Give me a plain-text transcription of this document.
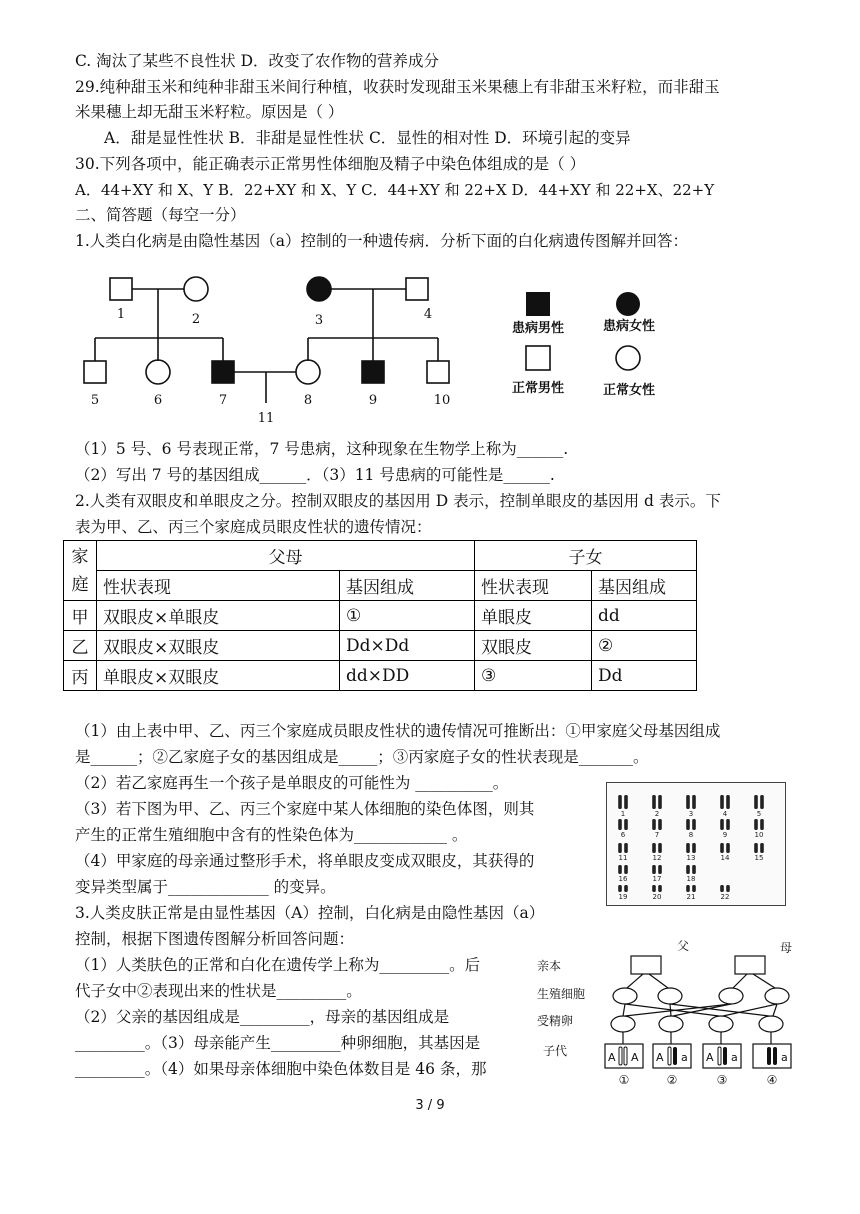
C. 淘汰了某些不良性状 D．改变了农作物的营养成分
29.纯种甜玉米和纯种非甜玉米间行种植，收获时发现甜玉米果穗上有非甜玉米籽粒，而非甜玉
米果穗上却无甜玉米籽粒。原因是（ ）
A．甜是显性性状 B．非甜是显性性状 C．显性的相对性 D．环境引起的变异
30.下列各项中，能正确表示正常男性体细胞及精子中染色体组成的是（ ）
A．44+XY 和 X、Y B．22+XY 和 X、Y C．44+XY 和 22+X D．44+XY 和 22+X、22+Y
二、简答题（每空一分）
1.人类白化病是由隐性基因（a）控制的一种遗传病．分析下面的白化病遗传图解并回答：
1	2	3	4
5	6	7	8	9	10
11
患病男性	患病女性
正常男性	正常女性
（1）5 号、6 号表现正常，7 号患病，这种现象在生物学上称为______.
（2）写出 7 号的基因组成______．（3）11 号患病的可能性是______.
2.人类有双眼皮和单眼皮之分。控制双眼皮的基因用 D 表示，控制单眼皮的基因用 d 表示。下
表为甲、乙、丙三个家庭成员眼皮性状的遗传情况：
家庭	父母		子女	
	性状表现	基因组成	性状表现	基因组成
甲	双眼皮×单眼皮	①	单眼皮	dd
乙	双眼皮×双眼皮	Dd×Dd	双眼皮	②
丙	单眼皮×双眼皮	dd×DD	③	Dd
（1）由上表中甲、乙、丙三个家庭成员眼皮性状的遗传情况可推断出：①甲家庭父母基因组成
是______；②乙家庭子女的基因组成是_____；③丙家庭子女的性状表现是_______。
（2）若乙家庭再生一个孩子是单眼皮的可能性为 __________。
（3）若下图为甲、乙、丙三个家庭中某人体细胞的染色体图，则其
产生的正常生殖细胞中含有的性染色体为____________ 。
（4）甲家庭的母亲通过整形手术，将单眼皮变成双眼皮，其获得的
变异类型属于_____________ 的变异。
1	2	3	4	5
6	7	8	9	10
11	12	13	14	15
16	17	18
19	20	21	22
3.人类皮肤正常是由显性基因（A）控制，白化病是由隐性基因（a）
控制，根据下图遗传图解分析回答问题：
（1）人类肤色的正常和白化在遗传学上称为_________。后
代子女中②表现出来的性状是_________。
（2）父亲的基因组成是_________，母亲的基因组成是
_________。（3）母亲能产生_________种卵细胞，其基因是
_________。（4）如果母亲体细胞中染色体数目是 46 条，那
父	母
亲本
生殖细胞
受精卵
子代	A A A a A a	a
①	②	③	④
3 / 9
